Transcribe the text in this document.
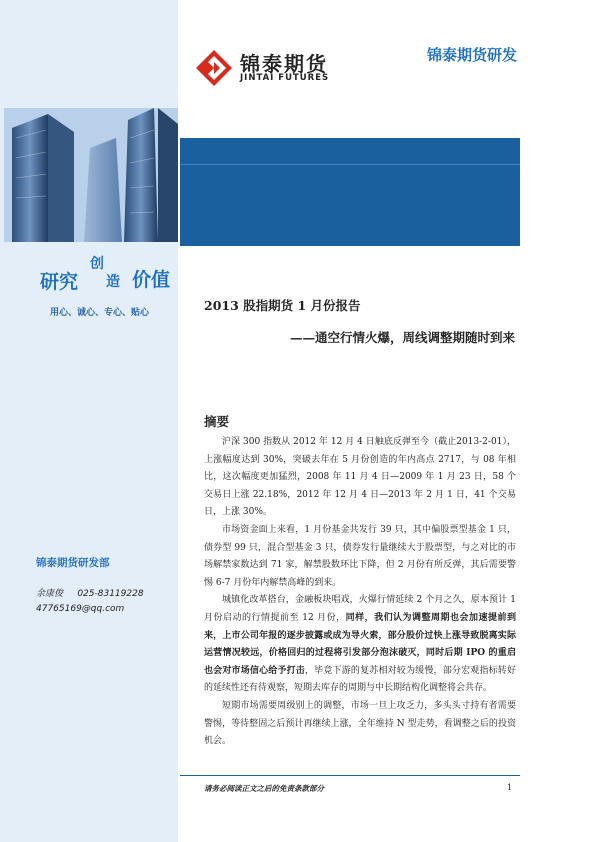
研究
创
造 价值
用心、诚心、专心、贴心
锦泰期货研发部
余康俊 025-83119228
47765169@qq.com
锦泰期货
JINTAI FUTURES
锦泰期货研发
2013 股指期货 1 月份报告
——通空行情火爆，周线调整期随时到来
摘要

沪深 300 指数从 2012 年 12 月 4 日触底反弹至今（截止2013-2-01），上涨幅度达到 30%，突破去年在 5 月份创造的年内高点 2717，与 08 年相比，这次幅度更加猛烈，2008 年 11 月 4 日—2009 年 1 月 23 日，58 个交易日上涨 22.18%，2012 年 12 月 4 日—2013 年 2 月 1 日，41 个交易日，上涨 30%。

市场资金面上来看，1 月份基金共发行 39 只，其中偏股票型基金 1 只，债券型 99 只，混合型基金 3 只，债券发行量继续大于股票型，与之对比的市场解禁家数达到 71 家，解禁股数环比下降，但 2 月份有所反弹，其后需要警惕 6-7 月份年内解禁高峰的到来。

城镇化改革搭台，金融板块唱戏，火爆行情延续 2 个月之久，原本预计 1 月份启动的行情提前至 12 月份，同样，我们认为调整周期也会加速提前到来，上市公司年报的逐步披露或成为导火索，部分股价过快上涨导致脱离实际运营情况较远，价格回归的过程将引发部分泡沫破灭，同时后期 IPO 的重启也会对市场信心给予打击，毕竟下游的复苏相对较为缓慢，部分宏观指标转好的延续性还有待观察，短期去库存的周期与中长期结构化调整将会共存。

短期市场需要周级别上的调整，市场一旦上攻乏力，多头头寸持有者需要警惕，等待整固之后预计再继续上涨，全年维持 N 型走势，看调整之后的投资机会。

请务必阅读正文之后的免责条款部分	1
